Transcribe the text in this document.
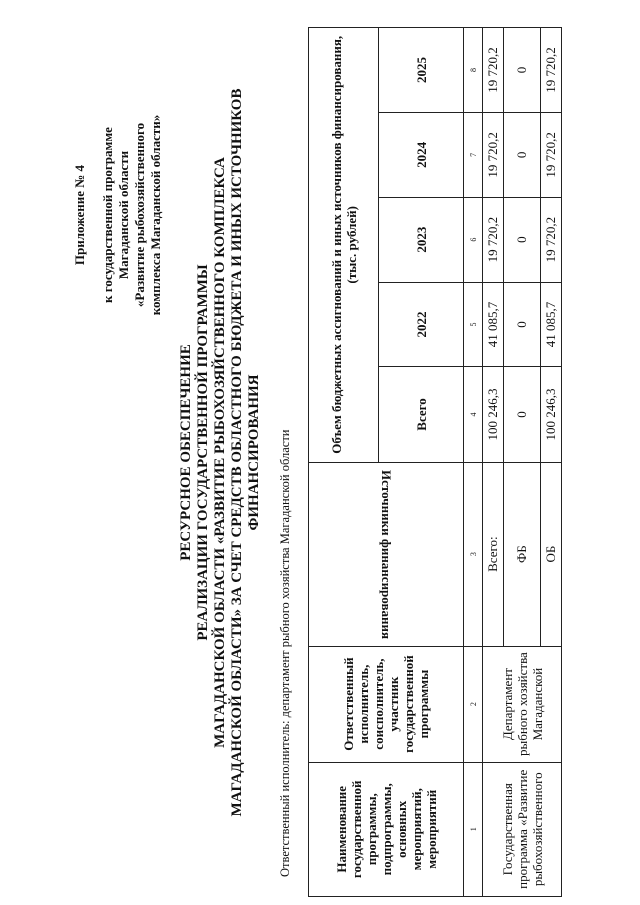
Приложение № 4 к государственной программе Магаданской области «Развитие рыбохозяйственного комплекса Магаданской области»
РЕСУРСНОЕ ОБЕСПЕЧЕНИЕ РЕАЛИЗАЦИИ ГОСУДАРСТВЕННОЙ ПРОГРАММЫ МАГАДАНСКОЙ ОБЛАСТИ «РАЗВИТИЕ РЫБОХОЗЯЙСТВЕННОГО КОМПЛЕКСА МАГАДАНСКОЙ ОБЛАСТИ» ЗА СЧЕТ СРЕДСТВ ОБЛАСТНОГО БЮДЖЕТА И ИНЫХ ИСТОЧНИКОВ ФИНАНСИРОВАНИЯ Ответственный исполнитель: департамент рыбного хозяйства Магаданской области	Наименование государственной программы, подпрограммы, основных мероприятий, мероприятий	Ответственный исполнитель, соисполнитель, участник государственной программы	Источники финансирования	Объем бюджетных ассигнований и иных источников финансирования, (тыс. рублей)				
			Всего	2022	2023	2024	2025
1	2	3	4	5	6	7	8
Государственная программа «Развитие рыбохозяйственного	Департамент рыбного хозяйства Магаданской	Всего:	100 246,3	41 085,7	19 720,2	19 720,2	19 720,2
		ФБ	0	0	0	0	0
		ОБ	100 246,3	41 085,7	19 720,2	19 720,2	19 720,2
